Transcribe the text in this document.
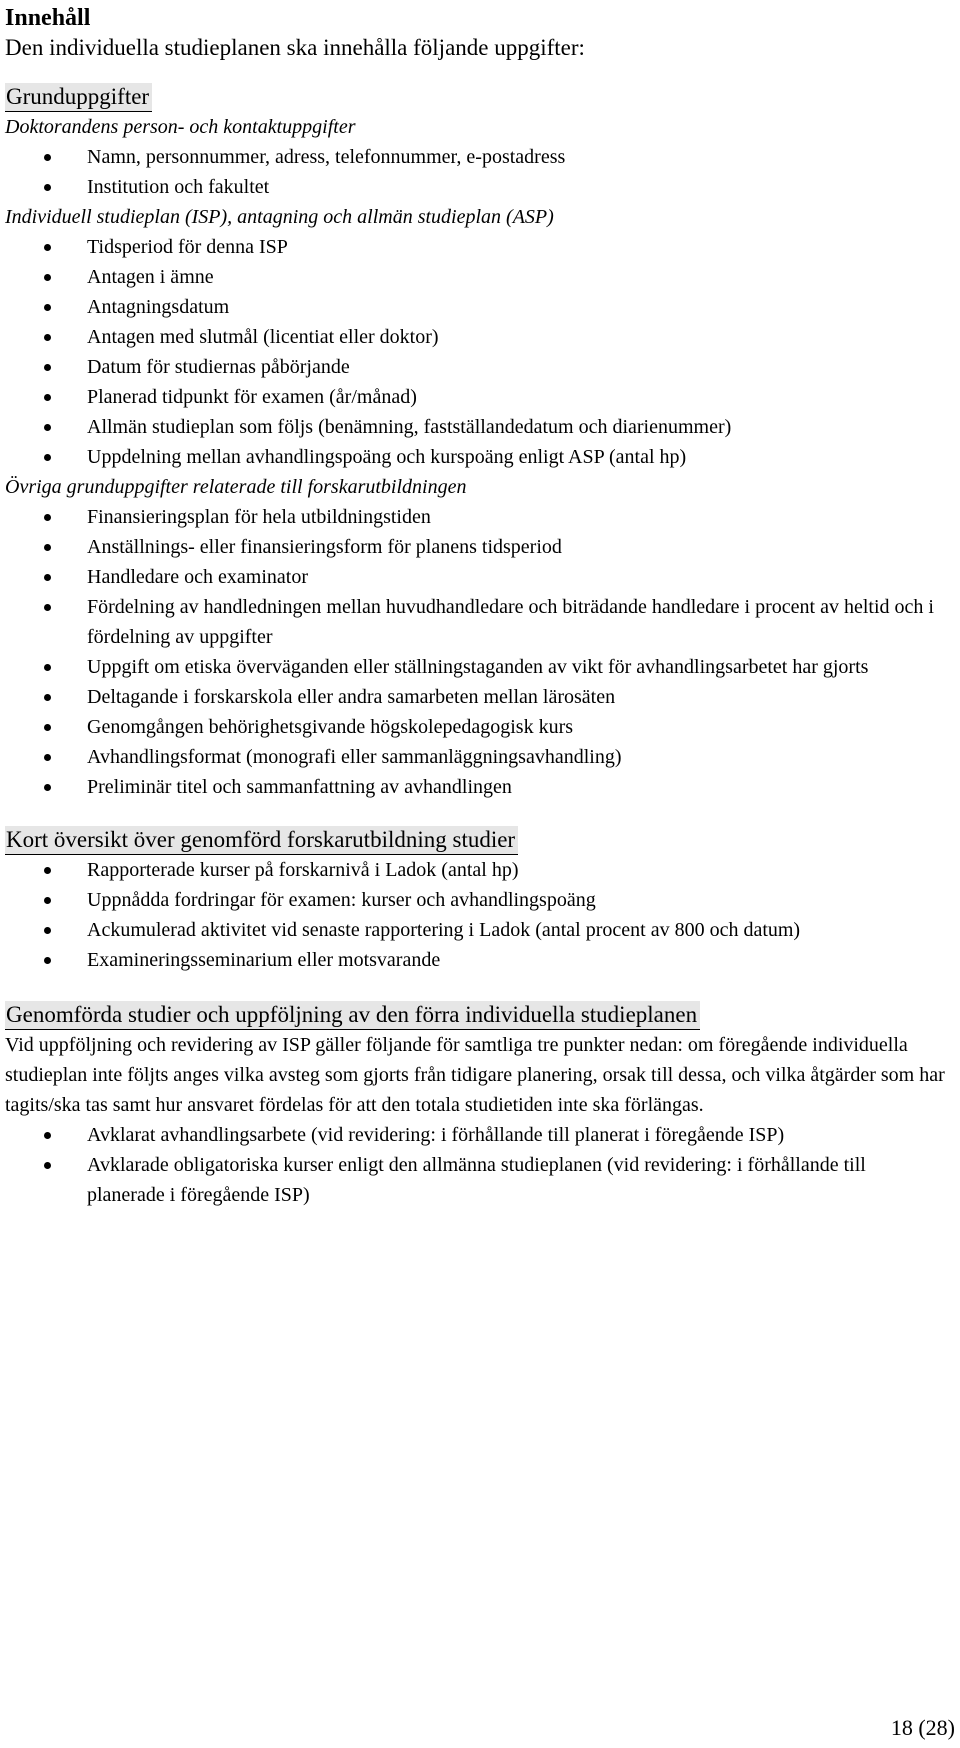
Innehåll

Den individuella studieplanen ska innehålla följande uppgifter:

Grunduppgifter

Doktorandens person- och kontaktuppgifter

Namn, personnummer, adress, telefonnummer, e-postadress
Institution och fakultet

Individuell studieplan (ISP), antagning och allmän studieplan (ASP)

Tidsperiod för denna ISP
Antagen i ämne
Antagningsdatum
Antagen med slutmål (licentiat eller doktor)
Datum för studiernas påbörjande
Planerad tidpunkt för examen (år/månad)
Allmän studieplan som följs (benämning, fastställandedatum och diarienummer)
Uppdelning mellan avhandlingspoäng och kurspoäng enligt ASP (antal hp)

Övriga grunduppgifter relaterade till forskarutbildningen

Finansieringsplan för hela utbildningstiden
Anställnings- eller finansieringsform för planens tidsperiod
Handledare och examinator
Fördelning av handledningen mellan huvudhandledare och biträdande handledare i procent av heltid och i fördelning av uppgifter
Uppgift om etiska överväganden eller ställningstaganden av vikt för avhandlingsarbetet har gjorts
Deltagande i forskarskola eller andra samarbeten mellan lärosäten
Genomgången behörighetsgivande högskolepedagogisk kurs
Avhandlingsformat (monografi eller sammanläggningsavhandling)
Preliminär titel och sammanfattning av avhandlingen
Kort översikt över genomförd forskarutbildning studier
Rapporterade kurser på forskarnivå i Ladok (antal hp)
Uppnådda fordringar för examen: kurser och avhandlingspoäng
Ackumulerad aktivitet vid senaste rapportering i Ladok (antal procent av 800 och datum)
Examineringsseminarium eller motsvarande
Genomförda studier och uppföljning av den förra individuella studieplanen

Vid uppföljning och revidering av ISP gäller följande för samtliga tre punkter nedan: om föregående individuella studieplan inte följts anges vilka avsteg som gjorts från tidigare planering, orsak till dessa, och vilka åtgärder som har tagits/ska tas samt hur ansvaret fördelas för att den totala studietiden inte ska förlängas.

Avklarat avhandlingsarbete (vid revidering: i förhållande till planerat i föregående ISP)
Avklarade obligatoriska kurser enligt den allmänna studieplanen (vid revidering: i förhållande till planerade i föregående ISP)
18 (28)
